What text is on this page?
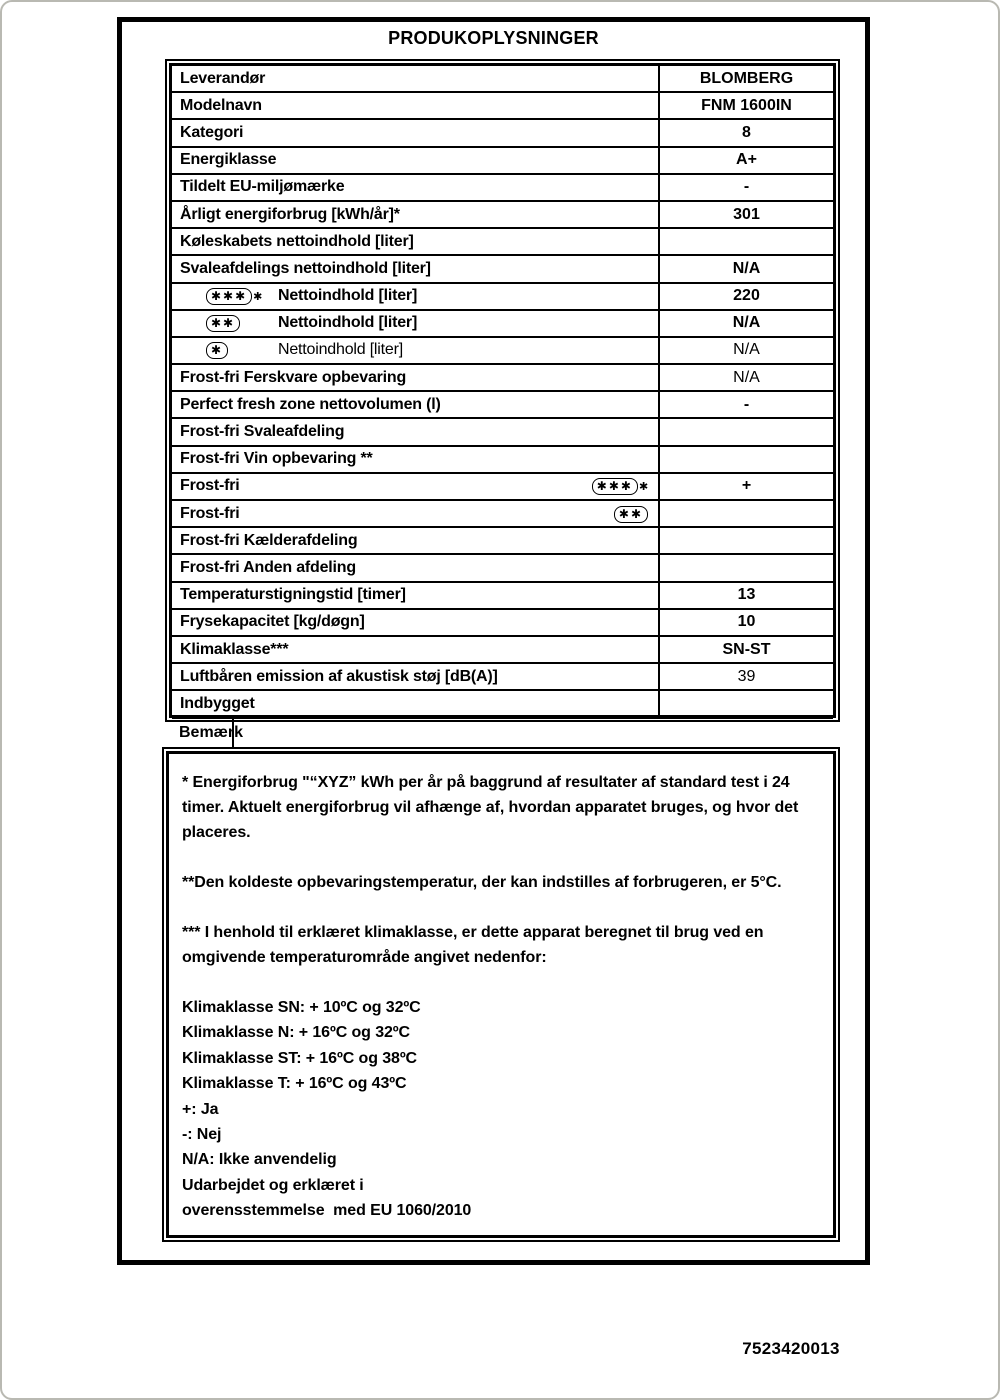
PRODUKOPLYSNINGER
Leverandør	BLOMBERG
Modelnavn	FNM 1600IN
Kategori	8
Energiklasse	A+
Tildelt EU-miljømærke	-
Årligt energiforbrug [kWh/år]*	301
Køleskabets nettoindhold [liter]	
Svaleafdelings nettoindhold [liter]	N/A
✱✱✱ ✱ Nettoindhold [liter]	220
✱✱ Nettoindhold [liter]	N/A
✱ Nettoindhold [liter]	N/A
Frost-fri Ferskvare opbevaring	N/A
Perfect fresh zone nettovolumen (l)	-
Frost-fri Svaleafdeling	
Frost-fri Vin opbevaring **	
Frost-fri ✱✱✱ ✱	+
Frost-fri ✱✱	

Frost-fri Kælderafdeling	
Frost-fri Anden afdeling	
Temperaturstigningstid [timer]	13
Frysekapacitet [kg/døgn]	10
Klimaklasse***	SN-ST
Luftbåren emission af akustisk støj [dB(A)]	39
Indbygget	

Bemærk	
* Energiforbrug "“XYZ” kWh per år på baggrund af resultater af standard test i 24 timer. Aktuelt energiforbrug vil afhænge af, hvordan apparatet bruges, og hvor det placeres.
**Den koldeste opbevaringstemperatur, der kan indstilles af forbrugeren, er 5°C.
*** I henhold til erklæret klimaklasse, er dette apparat beregnet til brug ved en omgivende temperaturområde angivet nedenfor:
Klimaklasse SN: + 10ºC og 32ºC
Klimaklasse N: + 16ºC og 32ºC
Klimaklasse ST: + 16ºC og 38ºC
Klimaklasse T: + 16ºC og 43ºC
+: Ja
-: Nej
N/A: Ikke anvendelig
Udarbejdet og erklæret i
overensstemmelse  med EU 1060/2010
7523420013
